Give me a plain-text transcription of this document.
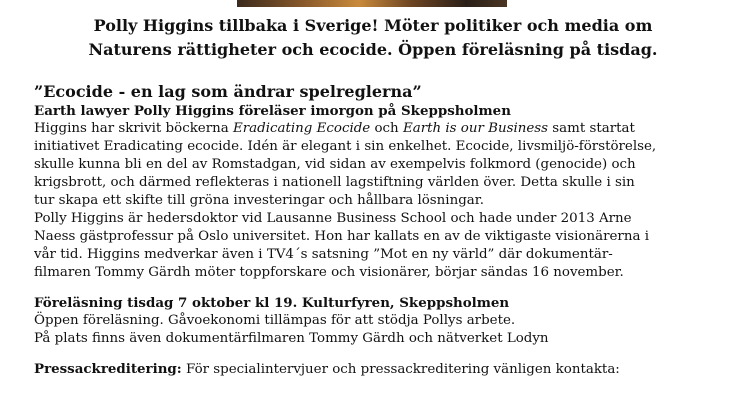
Polly Higgins tillbaka i Sverige! Möter politiker och media om
Naturens rättigheter och ecocide. Öppen föreläsning på tisdag.
”Ecocide - en lag som ändrar spelreglerna”
Earth lawyer Polly Higgins föreläser imorgon på Skeppsholmen
Higgins har skrivit böckerna Eradicating Ecocide och Earth is our Business samt startat
initiativet Eradicating ecocide. Idén är elegant i sin enkelhet. Ecocide, livsmiljö-förstörelse,
skulle kunna bli en del av Romstadgan, vid sidan av exempelvis folkmord (genocide) och
krigsbrott, och därmed reflekteras i nationell lagstiftning världen över. Detta skulle i sin
tur skapa ett skifte till gröna investeringar och hållbara lösningar.
Polly Higgins är hedersdoktor vid Lausanne Business School och hade under 2013 Arne
Naess gästprofessur på Oslo universitet. Hon har kallats en av de viktigaste visionärerna i
vår tid. Higgins medverkar även i TV4´s satsning ”Mot en ny värld” där dokumentär-
filmaren Tommy Gärdh möter toppforskare och visionärer, börjar sändas 16 november.
Föreläsning tisdag 7 oktober kl 19. Kulturfyren, Skeppsholmen
Öppen föreläsning. Gåvoekonomi tillämpas för att stödja Pollys arbete.
På plats finns även dokumentärfilmaren Tommy Gärdh och nätverket Lodyn
Pressackreditering: För specialintervjuer och pressackreditering vänligen kontakta:
